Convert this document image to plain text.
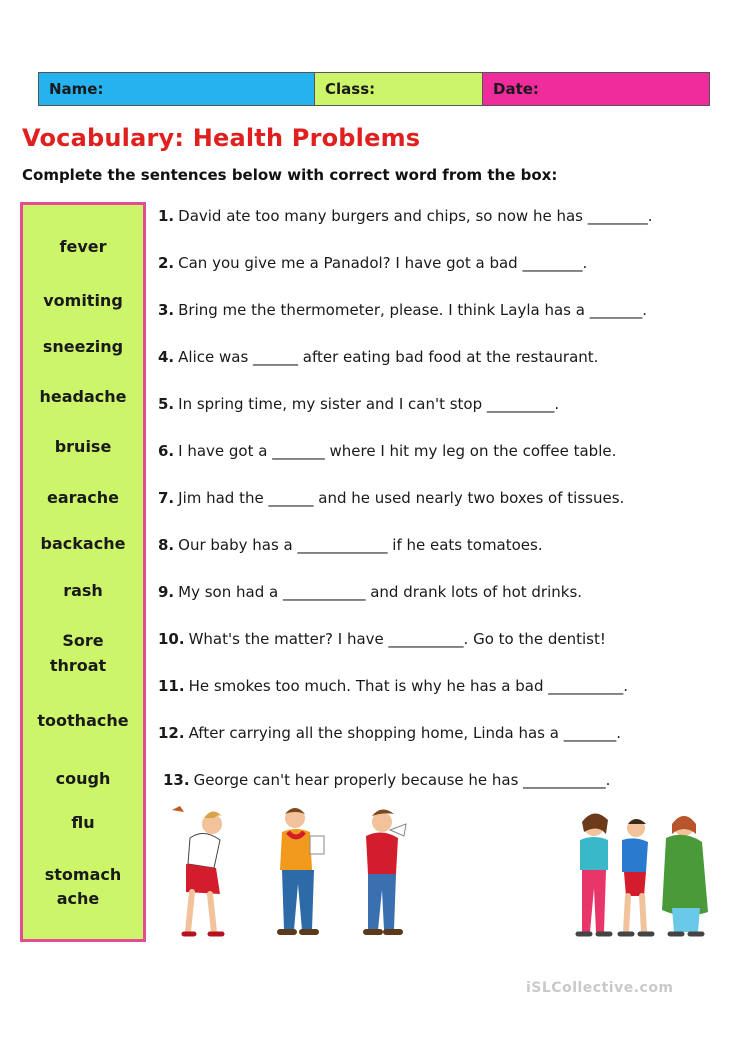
Name:	Class:	Date:
Vocabulary: Health Problems
Complete the sentences below with correct word from the box:
fever
vomiting
sneezing
headache
bruise
earache
backache
rash
Sore
throat
toothache
cough
flu
stomach
ache
1. David ate too many burgers and chips, so now he has ________.
2. Can you give me a Panadol? I have got a bad ________.
3. Bring me the thermometer, please. I think Layla has a _______.
4. Alice was ______ after eating bad food at the restaurant.
5. In spring time, my sister and I can't stop _________.
6. I have got a _______ where I hit my leg on the coffee table.
7. Jim had the ______ and he used nearly two boxes of tissues.
8. Our baby has a ____________ if he eats tomatoes.
9. My son had a ___________ and drank lots of hot drinks.
10. What's the matter? I have __________. Go to the dentist!
11. He smokes too much. That is why he has a bad __________.
12. After carrying all the shopping home, Linda has a _______.
13. George can't hear properly because he has ___________.
iSLCollective.com
